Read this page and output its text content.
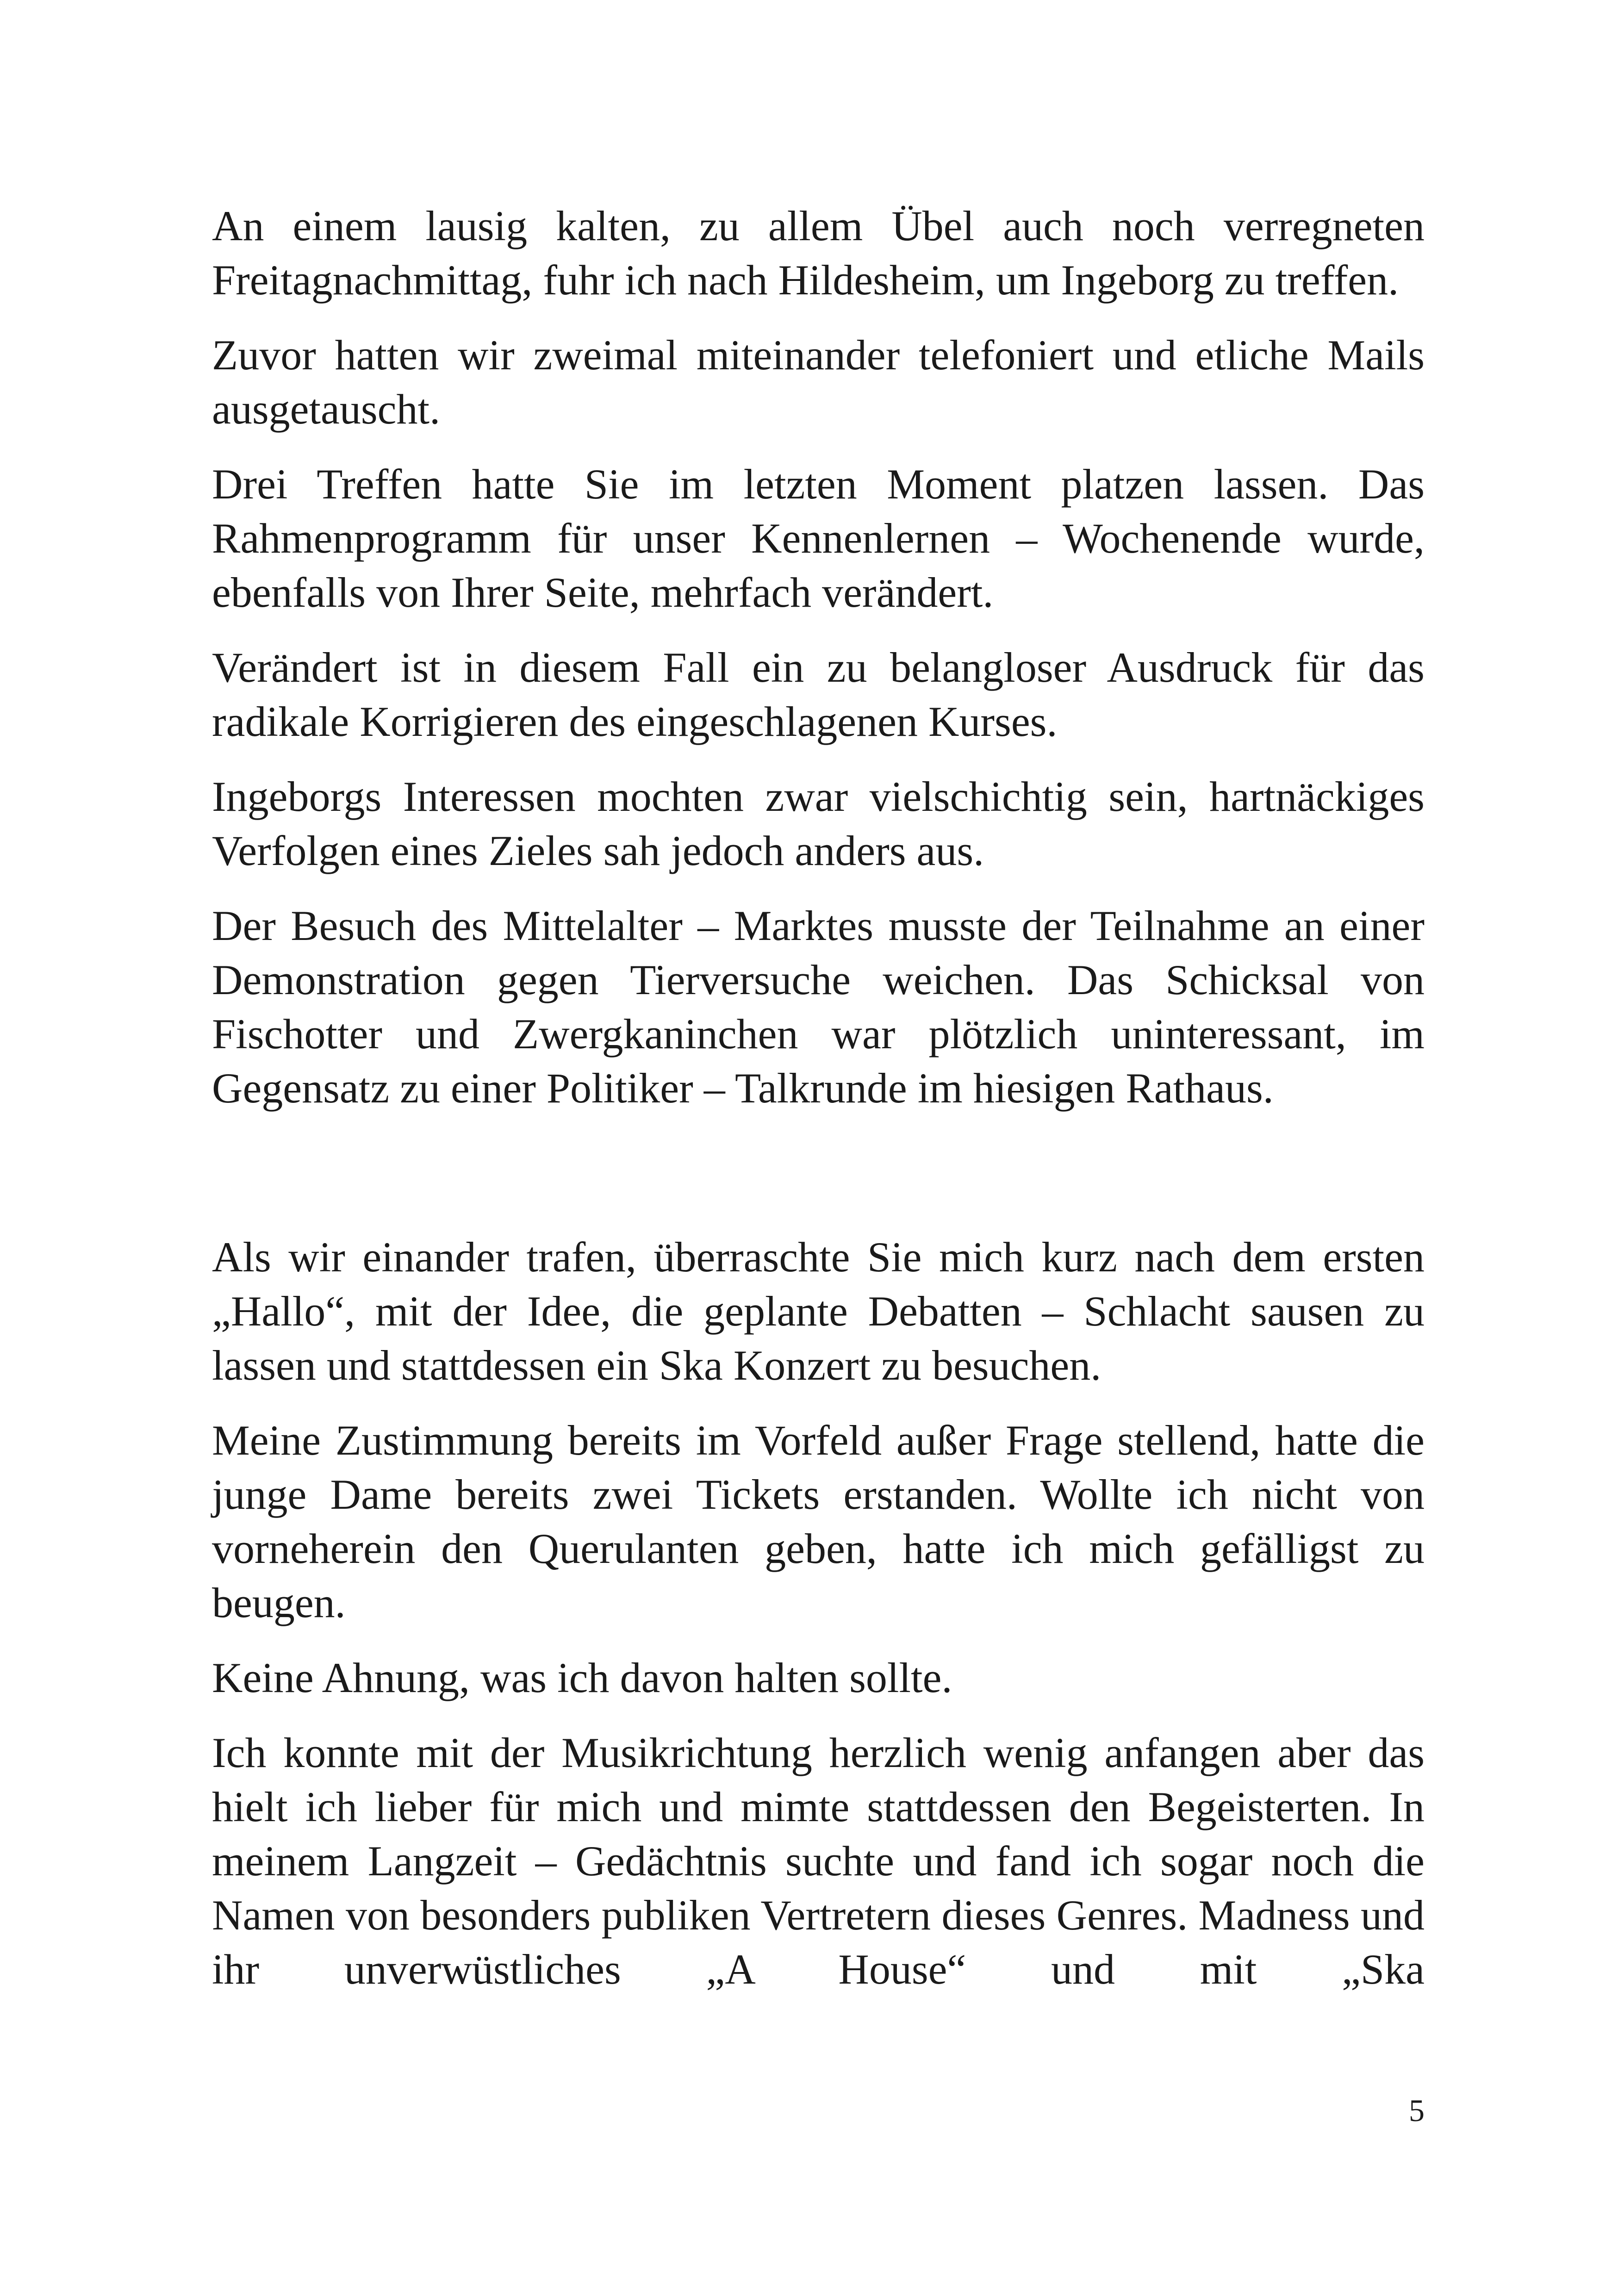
An einem lausig kalten, zu allem Übel auch noch verregneten Freitagnachmittag, fuhr ich nach Hildesheim, um Ingeborg zu treffen.

Zuvor hatten wir zweimal miteinander telefoniert und etliche Mails ausgetauscht.

Drei Treffen hatte Sie im letzten Moment platzen lassen. Das Rahmenprogramm für unser Kennenlernen – Wochenende wurde, ebenfalls von Ihrer Seite, mehrfach verändert.

Verändert ist in diesem Fall ein zu belangloser Ausdruck für das radikale Korrigieren des eingeschlagenen Kurses.

Ingeborgs Interessen mochten zwar vielschichtig sein, hartnäckiges Verfolgen eines Zieles sah jedoch anders aus.

Der Besuch des Mittelalter – Marktes musste der Teilnahme an einer Demonstration gegen Tierversuche weichen. Das Schicksal von Fischotter und Zwergkaninchen war plötzlich uninteressant, im Gegensatz zu einer Politiker – Talkrunde im hiesigen Rathaus.

Als wir einander trafen, überraschte Sie mich kurz nach dem ersten „Hallo“, mit der Idee, die geplante Debatten – Schlacht sausen zu lassen und stattdessen ein Ska Konzert zu besuchen.

Meine Zustimmung bereits im Vorfeld außer Frage stellend, hatte die junge Dame bereits zwei Tickets erstanden. Wollte ich nicht von vorneherein den Querulanten geben, hatte ich mich gefälligst zu beugen.

Keine Ahnung, was ich davon halten sollte.

Ich konnte mit der Musikrichtung herzlich wenig anfangen aber das hielt ich lieber für mich und mimte stattdessen den Begeisterten. In meinem Langzeit – Gedächtnis suchte und fand ich sogar noch die Namen von besonders publiken Vertretern dieses Genres. Madness und ihr unverwüstliches „A House“ und mit „Ska

5
